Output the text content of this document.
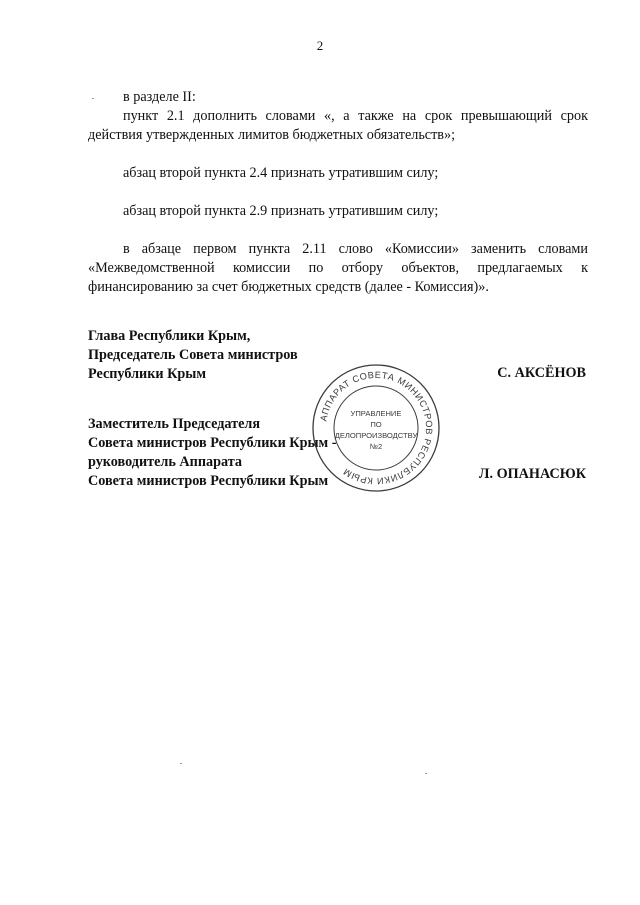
2

в разделе II:

пункт 2.1 дополнить словами «, а также на срок превышающий срок

действия утвержденных лимитов бюджетных обязательств»;

абзац второй пункта 2.4 признать утратившим силу;

абзац второй пункта 2.9 признать утратившим силу;

в абзаце первом пункта 2.11 слово «Комиссии» заменить словами

«Межведомственной комиссии по отбору объектов, предлагаемых к

финансированию за счет бюджетных средств (далее - Комиссия)».

Глава Республики Крым,
Председатель Совета министров
Республики Крым	С. АКСЁНОВ
Заместитель Председателя
Совета министров Республики Крым -
руководитель Аппарата
Совета министров Республики Крым	Л. ОПАНАСЮК
АППАРАТ СОВЕТА МИНИСТРОВ РЕСПУБЛИКИ КРЫМ
УПРАВЛЕНИЕ
ПО
ДЕЛОПРОИЗВОДСТВУ
№2
